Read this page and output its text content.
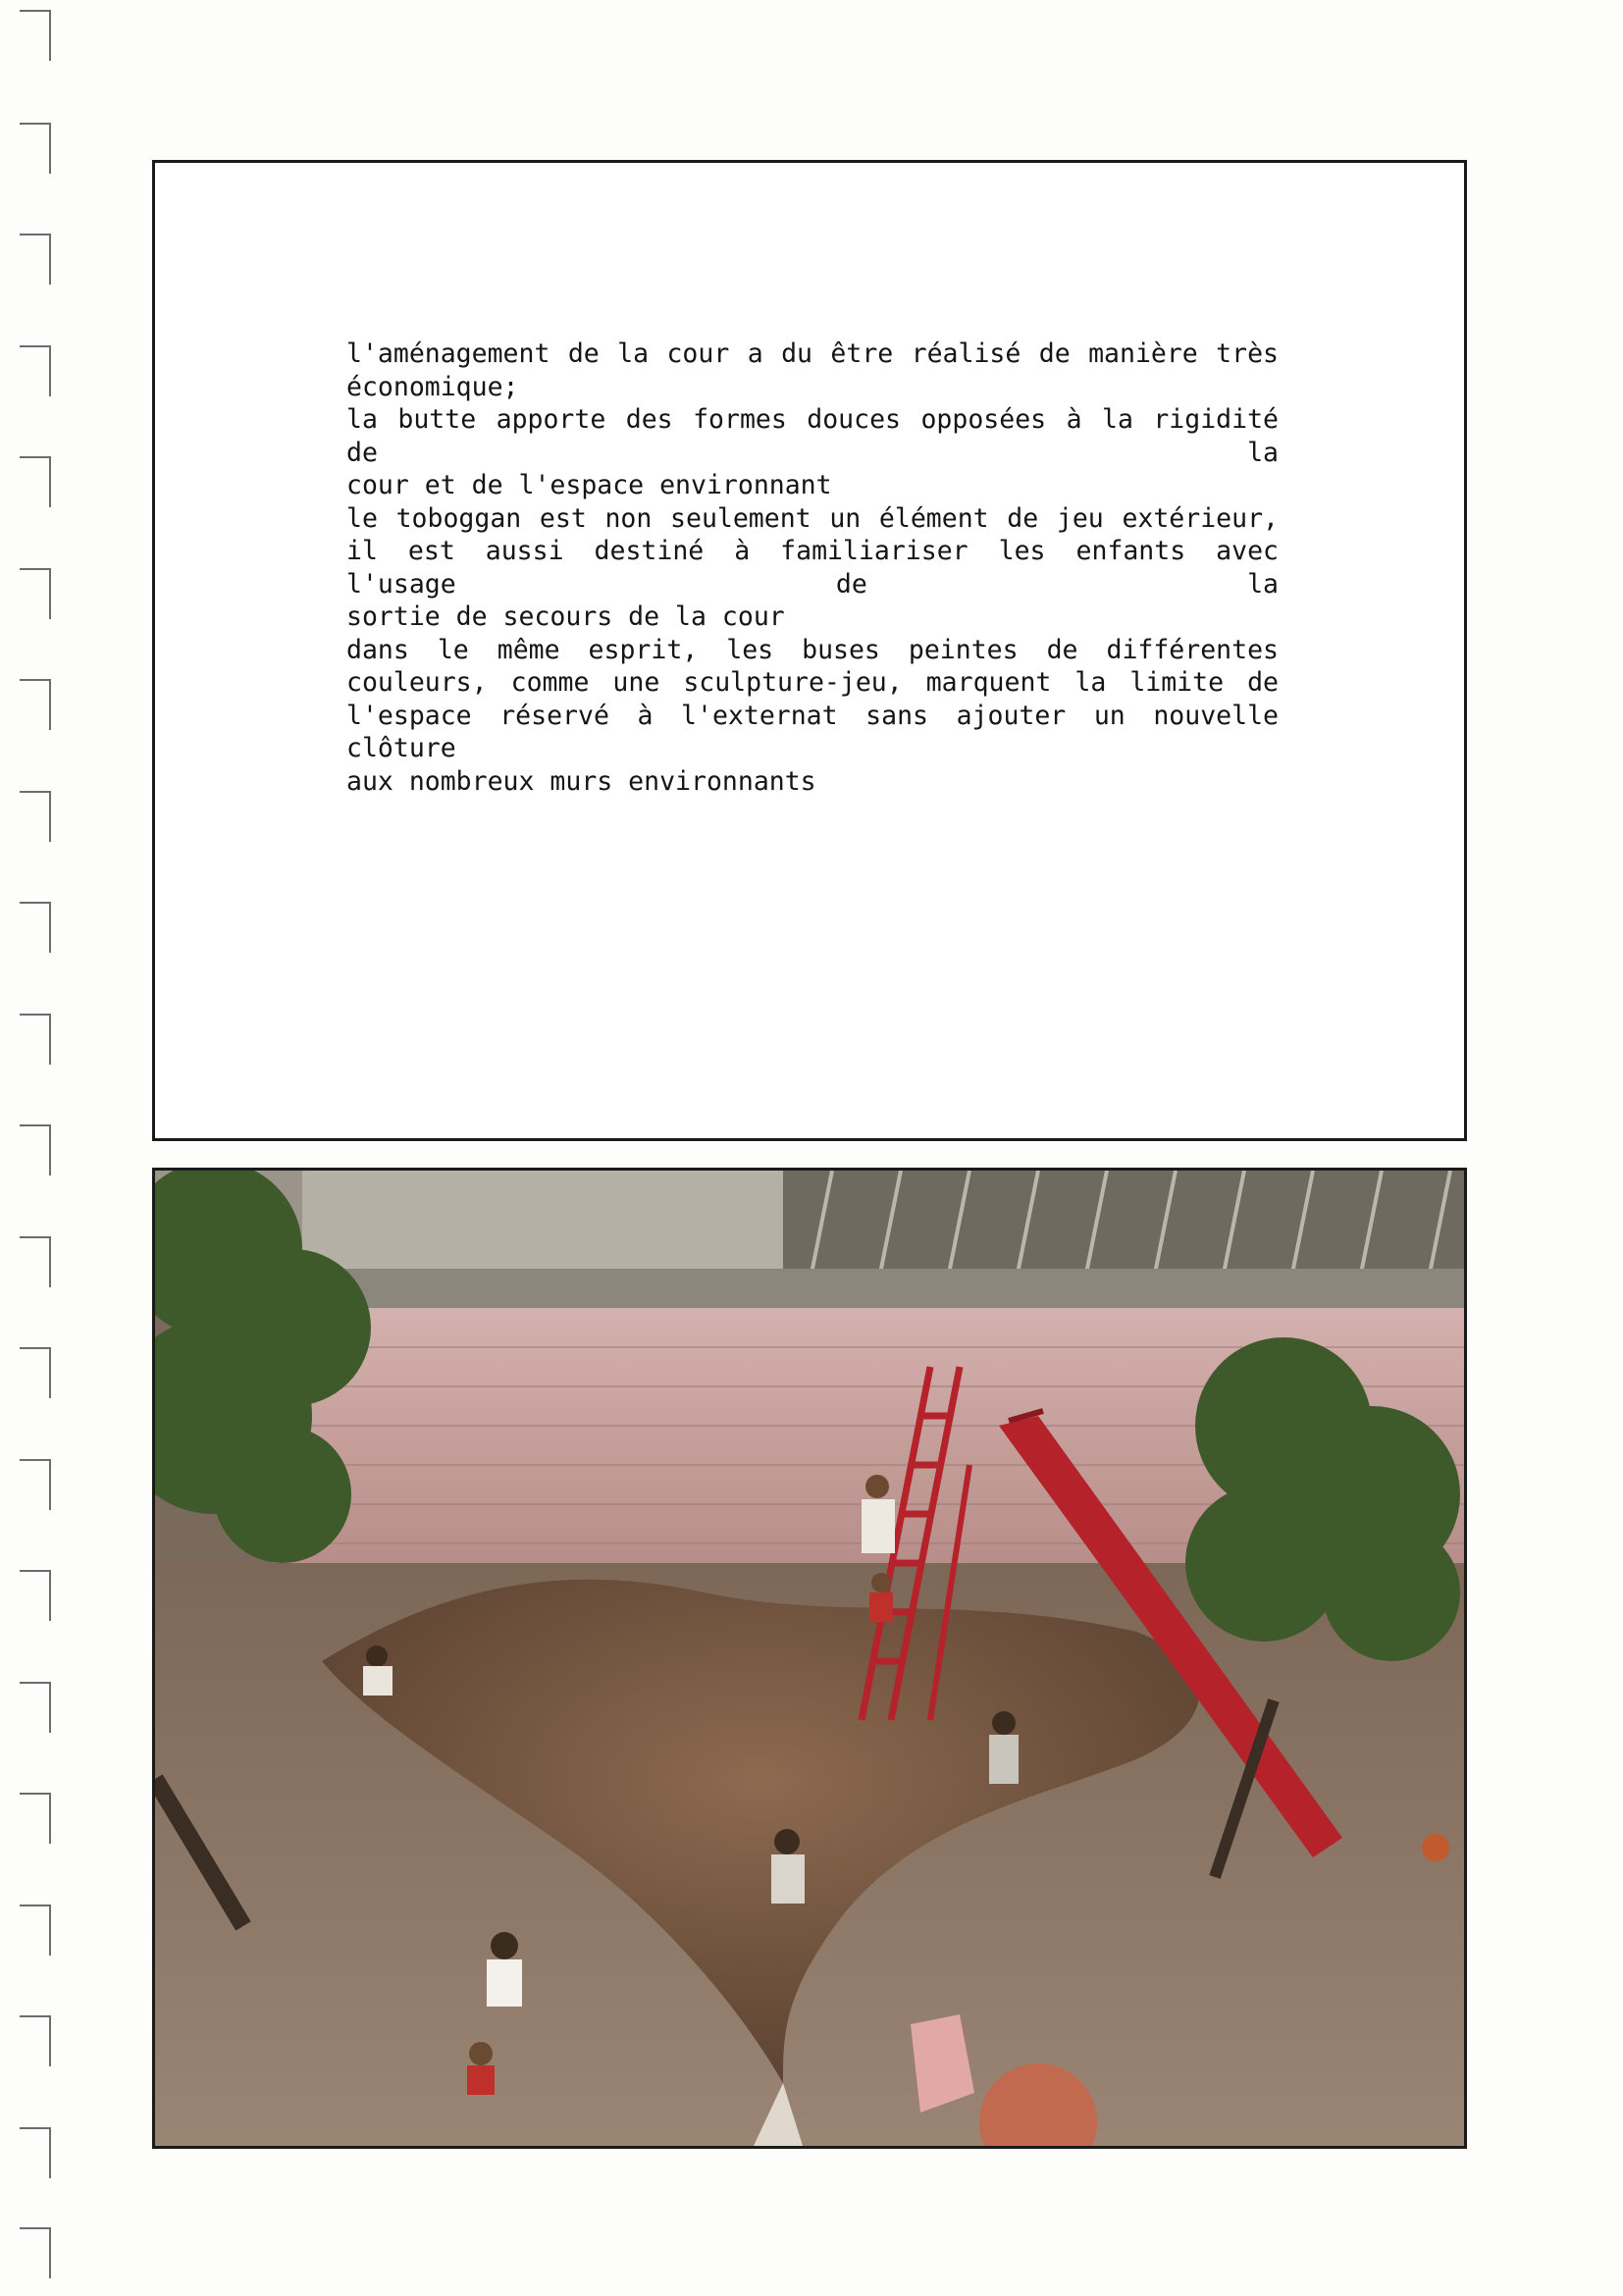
l'aménagement de la cour a du être réalisé de manière très
économique;
la butte apporte des formes douces opposées à la rigidité de la
cour et de l'espace environnant
le toboggan est non seulement un élément de jeu extérieur,
il est aussi destiné à familiariser les enfants avec l'usage de la
sortie de secours de la cour
dans le même esprit, les buses peintes de différentes
couleurs, comme une sculpture-jeu, marquent la limite de
l'espace réservé à l'externat sans ajouter un nouvelle clôture
aux nombreux murs environnants
